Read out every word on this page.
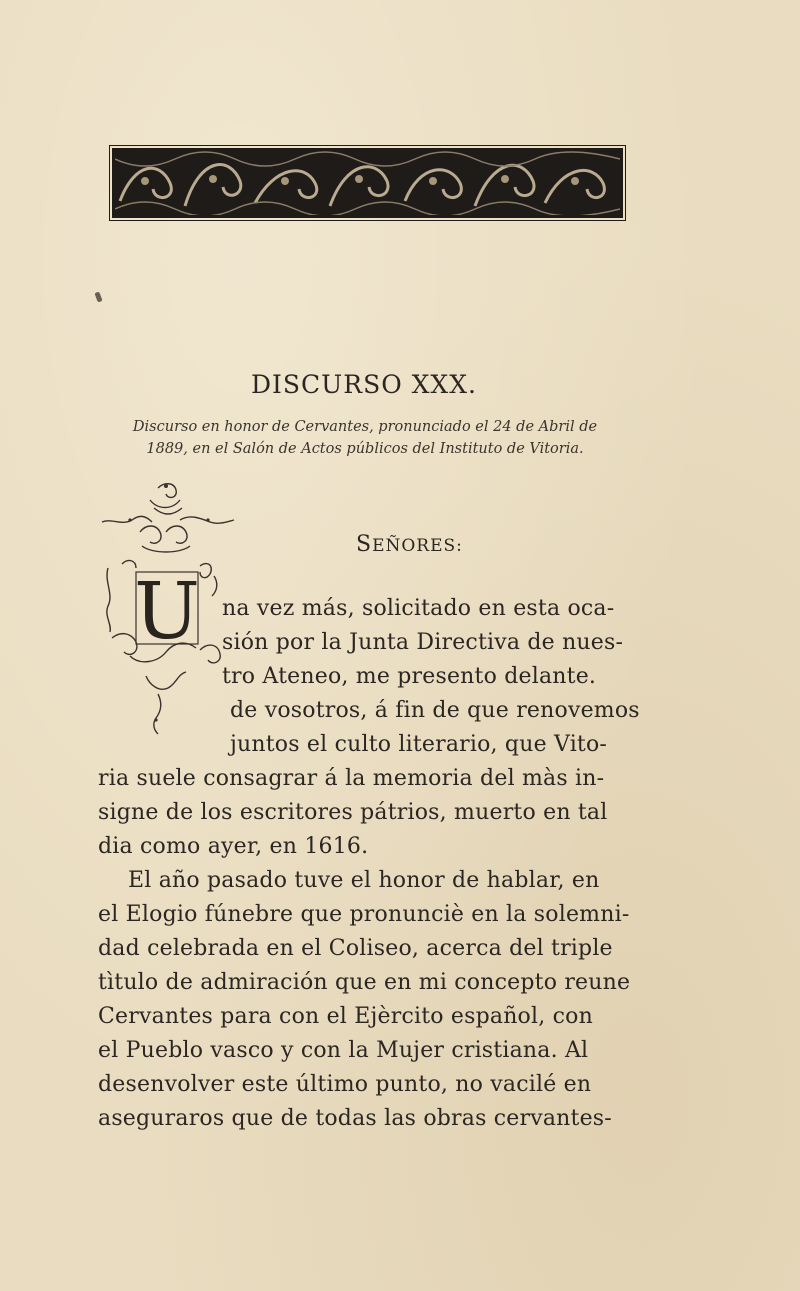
DISCURSO XXX.
Discurso en honor de Cervantes, pronunciado el 24 de Abril de
1889, en el Salón de Actos públicos del Instituto de Vitoria.
U
SEÑORES:
na vez más, solicitado en esta oca-
sión por la Junta Directiva de nues-
tro Ateneo, me presento delante.
de vosotros, á fin de que renovemos
juntos el culto literario, que Vito-
ria suele consagrar á la memoria del màs in-
signe de los escritores pátrios, muerto en tal
dia como ayer, en 1616.
El año pasado tuve el honor de hablar, en
el Elogio fúnebre que pronunciè en la solemni-
dad celebrada en el Coliseo, acerca del triple
tìtulo de admiración que en mi concepto reune
Cervantes para con el Ejèrcito español, con
el Pueblo vasco y con la Mujer cristiana. Al
desenvolver este último punto, no vacilé en
aseguraros que de todas las obras cervantes-
